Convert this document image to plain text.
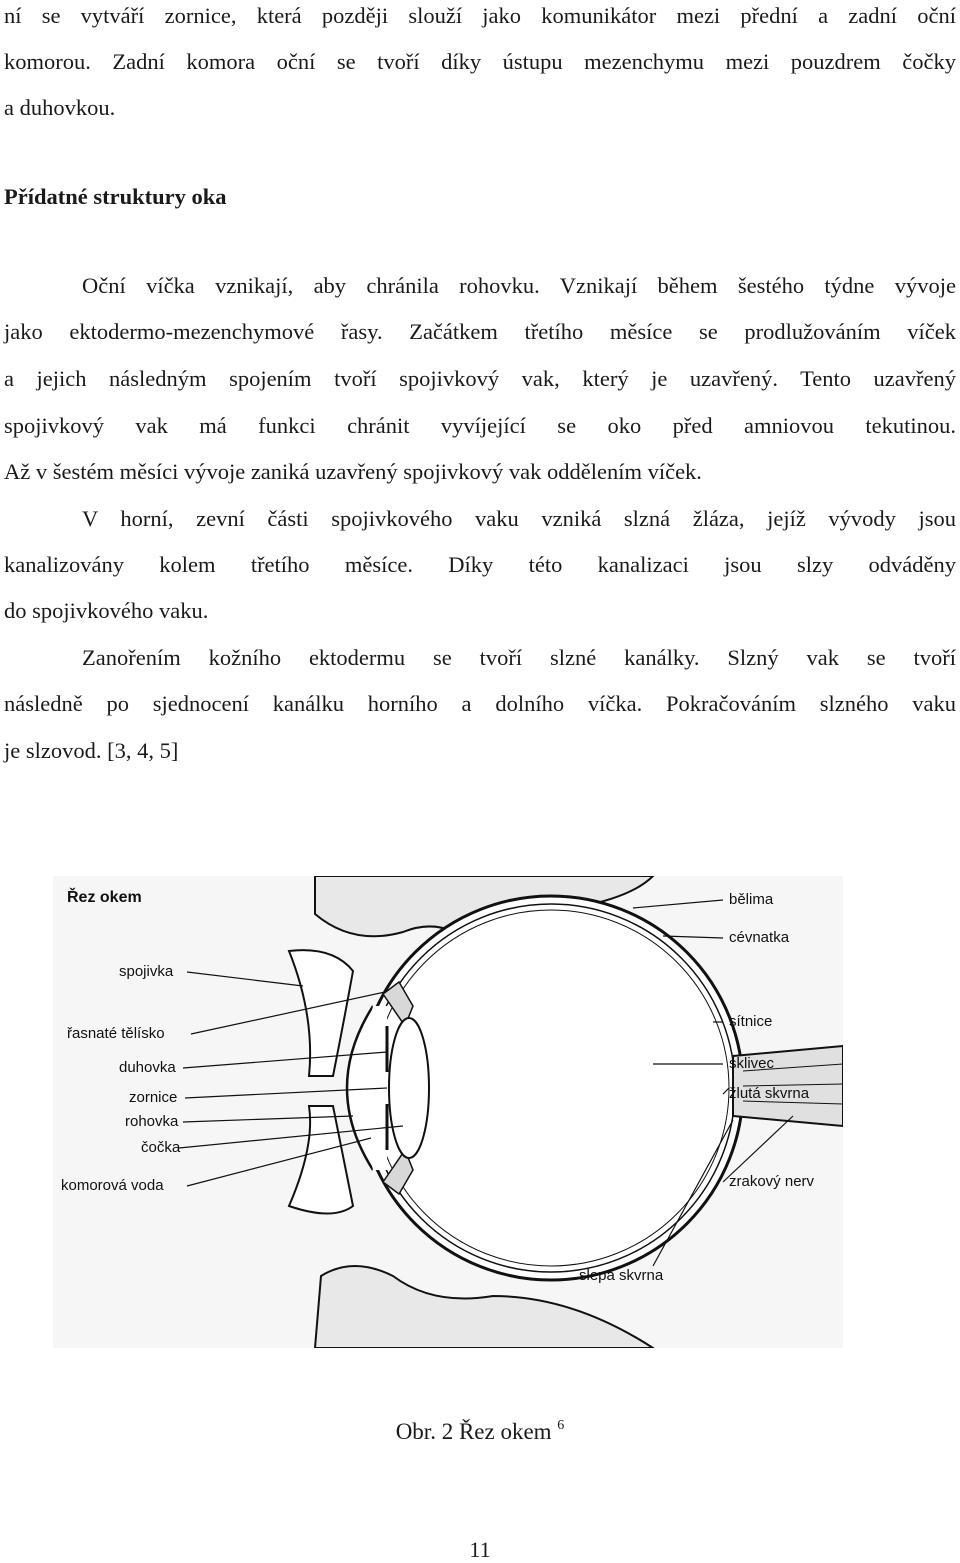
ní se vytváří zornice, která později slouží jako komunikátor mezi přední a zadní oční
komorou. Zadní komora oční se tvoří díky ústupu mezenchymu mezi pouzdrem čočky
a duhovkou.
Přídatné struktury oka
Oční víčka vznikají, aby chránila rohovku. Vznikají během šestého týdne vývoje
jako ektodermo-mezenchymové řasy. Začátkem třetího měsíce se prodlužováním víček
a jejich následným spojením tvoří spojivkový vak, který je uzavřený. Tento uzavřený
spojivkový vak má funkci chránit vyvíjející se oko před amniovou tekutinou.
Až v šestém měsíci vývoje zaniká uzavřený spojivkový vak oddělením víček.
V horní, zevní části spojivkového vaku vzniká slzná žláza, jejíž vývody jsou
kanalizovány kolem třetího měsíce. Díky této kanalizaci jsou slzy odváděny
do spojivkového vaku.
Zanořením kožního ektodermu se tvoří slzné kanálky. Slzný vak se tvoří
následně po sjednocení kanálku horního a dolního víčka. Pokračováním slzného vaku
je slzovod. [3, 4, 5]
Řez okem
spojivka
řasnaté tělísko
duhovka
zornice
rohovka
čočka
komorová voda
bělima
cévnatka
sítnice
sklivec
žlutá skvrna
zrakový nerv
slepá skvrna
Obr. 2 Řez okem $^6$
11
